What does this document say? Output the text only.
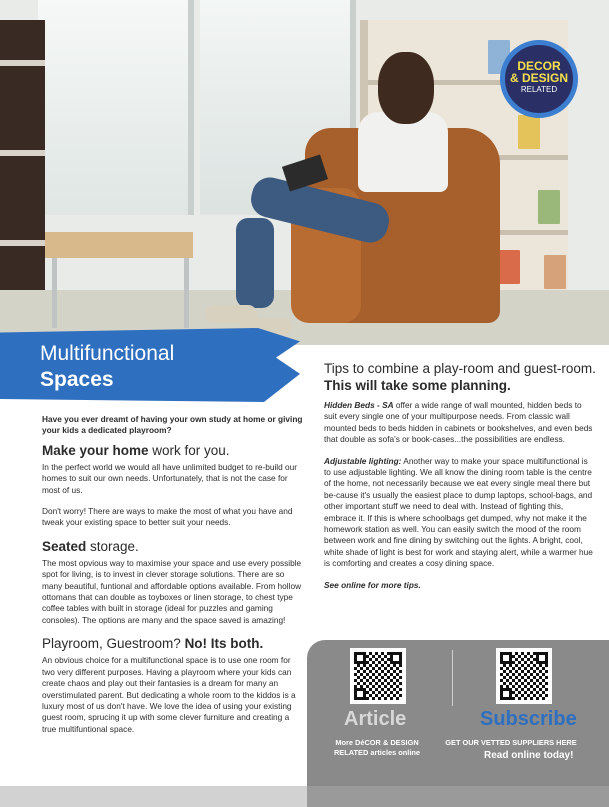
DECOR
& DESIGN
RELATED
Multifunctional
Spaces

Have you ever dreamt of having your own study at home or giving your kids a dedicated playroom?

Make your home work for you.

In the perfect world we would all have unlimited budget to re-build our homes to suit our own needs. Unfortunately, that is not the case for most of us.

Don't worry! There are ways to make the most of what you have and tweak your existing space to better suit your needs.

Seated storage.

The most opvious way to maximise your space and use every possible spot for living, is to invest in clever storage solutions. There are so many beautiful, funtional and affordable options available. From hollow ottomans that can double as toyboxes or linen storage, to chest type coffee tables with built in storage (ideal for puzzles and gaming consoles). The options are many and the space saved is amazing!

Playroom, Guestroom? No! Its both.

An obvious choice for a multifunctional space is to use one room for two very different purposes. Having a playroom where your kids can create chaos and play out their fantasies is a dream for many an overstimulated parent. But dedicating a whole room to the kiddos is a luxury most of us don't have. We love the idea of using your existing guest room, sprucing it up with some clever furniture and creating a true multifuntional space.

Tips to combine a play-room and guest-room. This will take some planning.

Hidden Beds - SA offer a wide range of wall mounted, hidden beds to suit every single one of your multipurpose needs. From classic wall mounted beds to beds hidden in cabinets or bookshelves, and even beds that double as sofa's or book-cases...the possibilities are endless.

Adjustable lighting: Another way to make your space multifunctional is to use adjustable lighting. We all know the dining room table is the centre of the home, not necessarily because we eat every single meal there but be-cause it's usually the easiest place to dump laptops, school-bags, and other important stuff we need to deal with. Instead of fighting this, embrace it. If this is where schoolbags get dumped, why not make it the homework station as well. You can easily switch the mood of the room between work and fine dining by switching out the lights. A bright, cool, white shade of light is best for work and staying alert, while a warmer hue is comforting and creates a cosy dining space.

See online for more tips.

Article	Subscribe
More DéCOR & DESIGN RELATED articles online
GET OUR VETTED SUPPLIERS HERE
Read online today!
